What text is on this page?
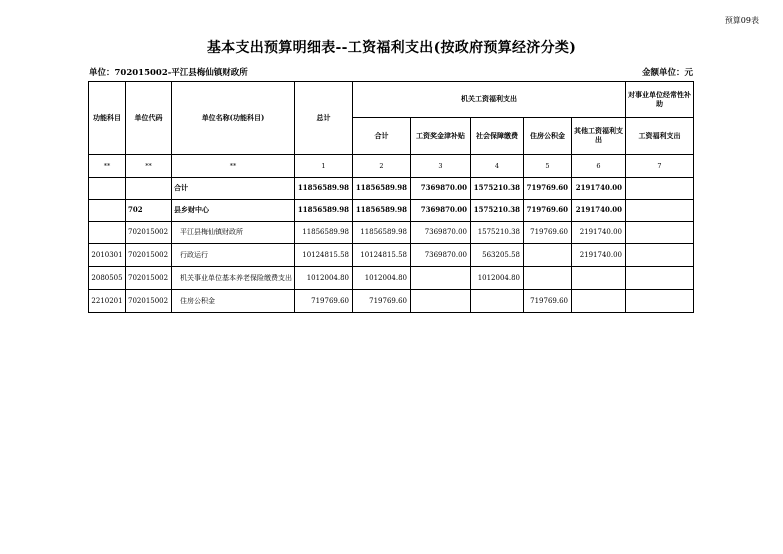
预算09表
基本支出预算明细表--工资福利支出(按政府预算经济分类)
单位：702015002-平江县梅仙镇财政所	金额单位：元
功能科目	单位代码	单位名称(功能科目)	总计	机关工资福利支出					对事业单位经常性补助
				合计	工资奖金津补贴	社会保障缴费	住房公积金	其他工资福利支出	工资福利支出
**	**	**	1	2	3	4	5	6	7
		合计	11856589.98	11856589.98	7369870.00	1575210.38	719769.60	2191740.00	
	702	县乡财中心	11856589.98	11856589.98	7369870.00	1575210.38	719769.60	2191740.00	
	702015002	平江县梅仙镇财政所	11856589.98	11856589.98	7369870.00	1575210.38	719769.60	2191740.00	
2010301	702015002	行政运行	10124815.58	10124815.58	7369870.00	563205.58		2191740.00	
2080505	702015002	机关事业单位基本养老保险缴费支出	1012004.80	1012004.80		1012004.80			
2210201	702015002	住房公积金	719769.60	719769.60			719769.60		
